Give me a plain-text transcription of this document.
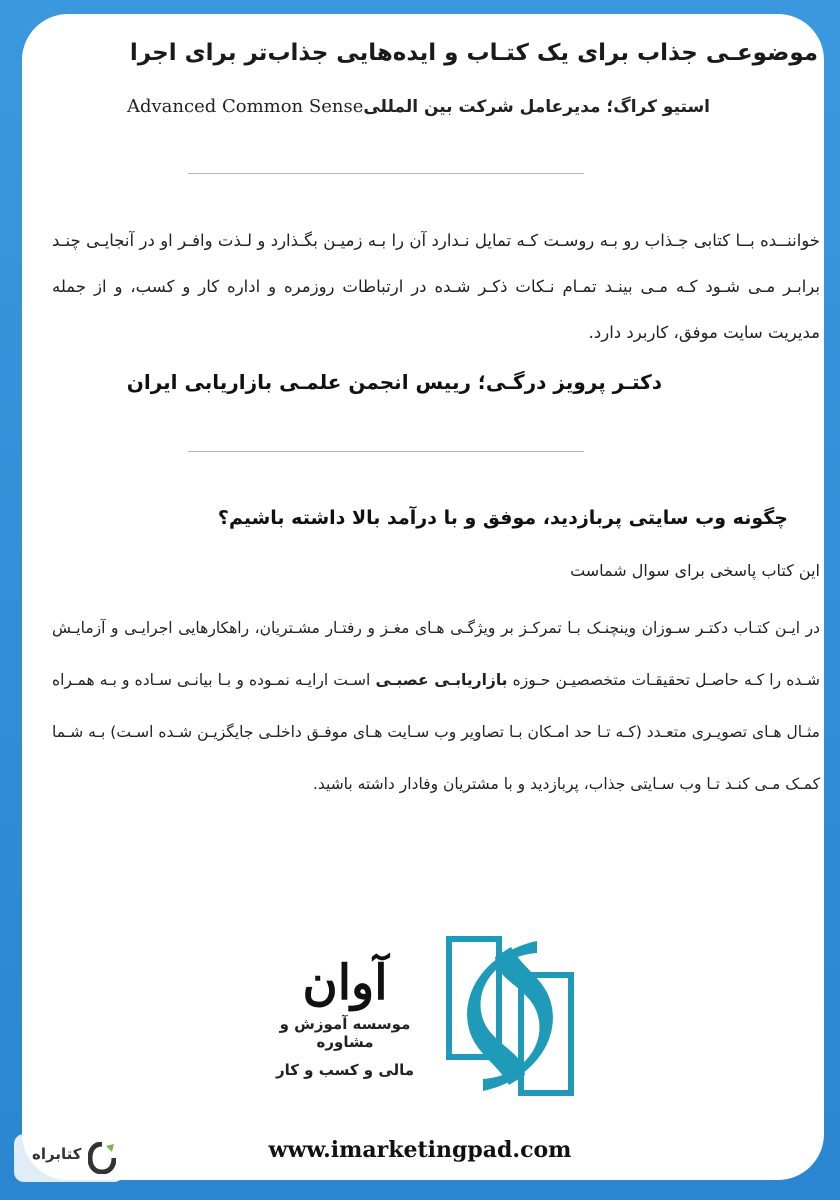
موضوعـی جذاب برای یک کتـاب و ایده‌هایی جذاب‌تر برای اجرا
استیو کراگ؛ مدیرعامل شرکت بین المللیAdvanced Common Sense
خواننــده بــا کتابی جـذاب رو بـه روسـت کـه تمایل نـدارد آن را بـه زمیـن بگـذارد و لـذت وافـر او در آنجایـی چنـد برابـر مـی شـود کـه مـی بینـد تمـام نـکات ذکـر شـده در ارتباطات روزمره و اداره کار و کسب، و از جمله مدیریت سایت موفق، کاربرد دارد.
دکتـر پرویز درگـی؛ رییس انجمن علمـی بازاریابی ایران
چگونه وب سایتی پربازدید، موفق و با درآمد بالا داشته باشیم؟
این کتاب پاسخی برای سوال شماست
در ایـن کتـاب دکتـر سـوزان وینچنـک بـا تمرکـز بر ویژگـی هـای مغـز و رفتـار مشـتریان، راهکارهایی اجرایـی و آزمایـش شـده را کـه حاصـل تحقیقـات متخصصیـن حـوزه بازاریابـی عصبـی اسـت ارایـه نمـوده و بـا بیانـی سـاده و بـه همـراه مثـال هـای تصویـری متعـدد (کـه تـا حد امـکان بـا تصاویر وب سـایت هـای موفـق داخلـی جایگزیـن شـده اسـت) بـه شـما کمـک مـی کنـد تـا وب سـایتی جذاب، پربازدید و با مشتریان وفادار داشته باشید.
آوان
موسسه آموزش و مشاوره
مالی و کسب و کار
www.imarketingpad.com
کتابراه
